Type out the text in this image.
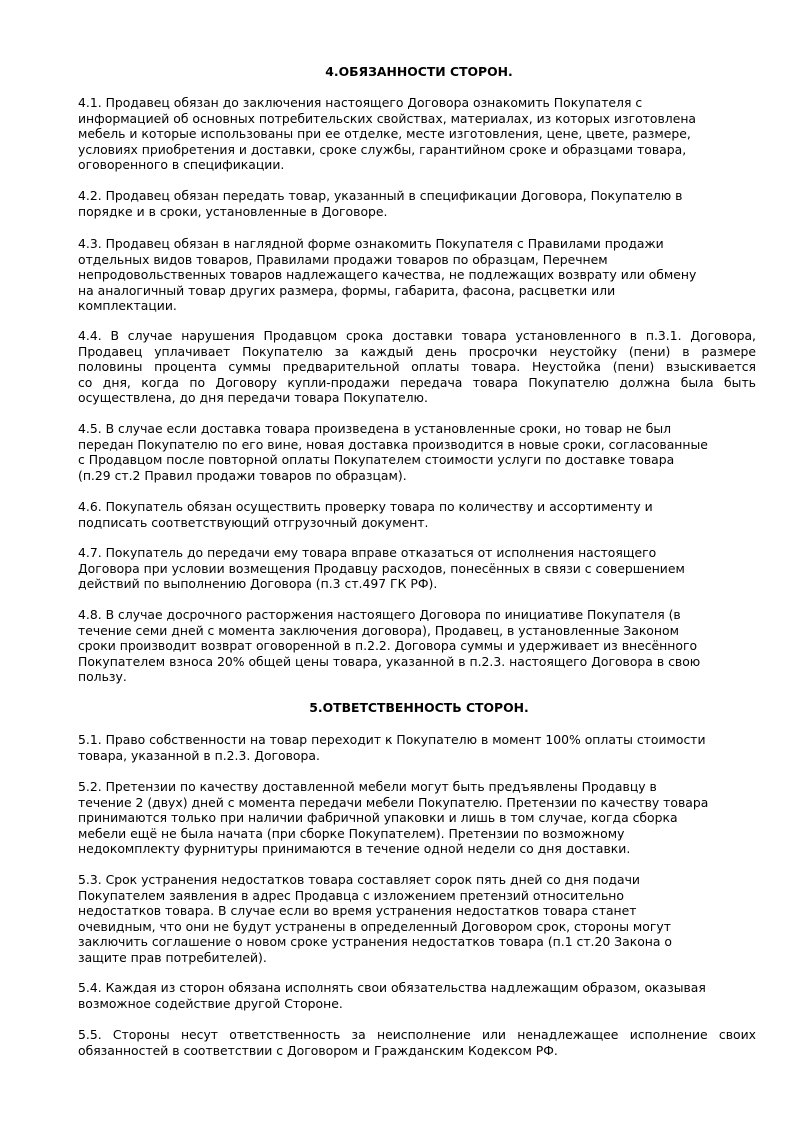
4.ОБЯЗАННОСТИ СТОРОН.
4.1. Продавец обязан до заключения настоящего Договора ознакомить Покупателя с
информацией об основных потребительских свойствах, материалах, из которых изготовлена
мебель и которые использованы при ее отделке, месте изготовления, цене, цвете, размере,
условиях приобретения и доставки, сроке службы, гарантийном сроке и образцами товара,
оговоренного в спецификации.
4.2. Продавец обязан передать товар, указанный в спецификации Договора, Покупателю в
порядке и в сроки, установленные в Договоре.
4.3. Продавец обязан в наглядной форме ознакомить Покупателя с Правилами продажи
отдельных видов товаров, Правилами продажи товаров по образцам, Перечнем
непродовольственных товаров надлежащего качества, не подлежащих возврату или обмену
на аналогичный товар других размера, формы, габарита, фасона, расцветки или
комплектации.
4.4. В случае нарушения Продавцом срока доставки товара установленного в п.3.1. Договора,
Продавец уплачивает Покупателю за каждый день просрочки неустойку (пени) в размере
половины процента суммы предварительной оплаты товара. Неустойка (пени) взыскивается
со дня, когда по Договору купли-продажи передача товара Покупателю должна была быть
осуществлена, до дня передачи товара Покупателю.
4.5. В случае если доставка товара произведена в установленные сроки, но товар не был
передан Покупателю по его вине, новая доставка производится в новые сроки, согласованные
с Продавцом после повторной оплаты Покупателем стоимости услуги по доставке товара
(п.29 ст.2 Правил продажи товаров по образцам).
4.6. Покупатель обязан осуществить проверку товара по количеству и ассортименту и
подписать соответствующий отгрузочный документ.
4.7. Покупатель до передачи ему товара вправе отказаться от исполнения настоящего
Договора при условии возмещения Продавцу расходов, понесённых в связи с совершением
действий по выполнению Договора (п.3 ст.497 ГК РФ).
4.8. В случае досрочного расторжения настоящего Договора по инициативе Покупателя (в
течение семи дней с момента заключения договора), Продавец, в установленные Законом
сроки производит возврат оговоренной в п.2.2. Договора суммы и удерживает из внесённого
Покупателем взноса 20% общей цены товара, указанной в п.2.3. настоящего Договора в свою
пользу.
5.ОТВЕТСТВЕННОСТЬ СТОРОН.
5.1. Право собственности на товар переходит к Покупателю в момент 100% оплаты стоимости
товара, указанной в п.2.3. Договора.
5.2. Претензии по качеству доставленной мебели могут быть предъявлены Продавцу в
течение 2 (двух) дней с момента передачи мебели Покупателю. Претензии по качеству товара
принимаются только при наличии фабричной упаковки и лишь в том случае, когда сборка
мебели ещё не была начата (при сборке Покупателем). Претензии по возможному
недокомплекту фурнитуры принимаются в течение одной недели со дня доставки.
5.3. Срок устранения недостатков товара составляет сорок пять дней со дня подачи
Покупателем заявления в адрес Продавца с изложением претензий относительно
недостатков товара. В случае если во время устранения недостатков товара станет
очевидным, что они не будут устранены в определенный Договором срок, стороны могут
заключить соглашение о новом сроке устранения недостатков товара (п.1 ст.20 Закона о
защите прав потребителей).
5.4. Каждая из сторон обязана исполнять свои обязательства надлежащим образом, оказывая
возможное содействие другой Стороне.
5.5. Стороны несут ответственность за неисполнение или ненадлежащее исполнение своих
обязанностей в соответствии с Договором и Гражданским Кодексом РФ.
